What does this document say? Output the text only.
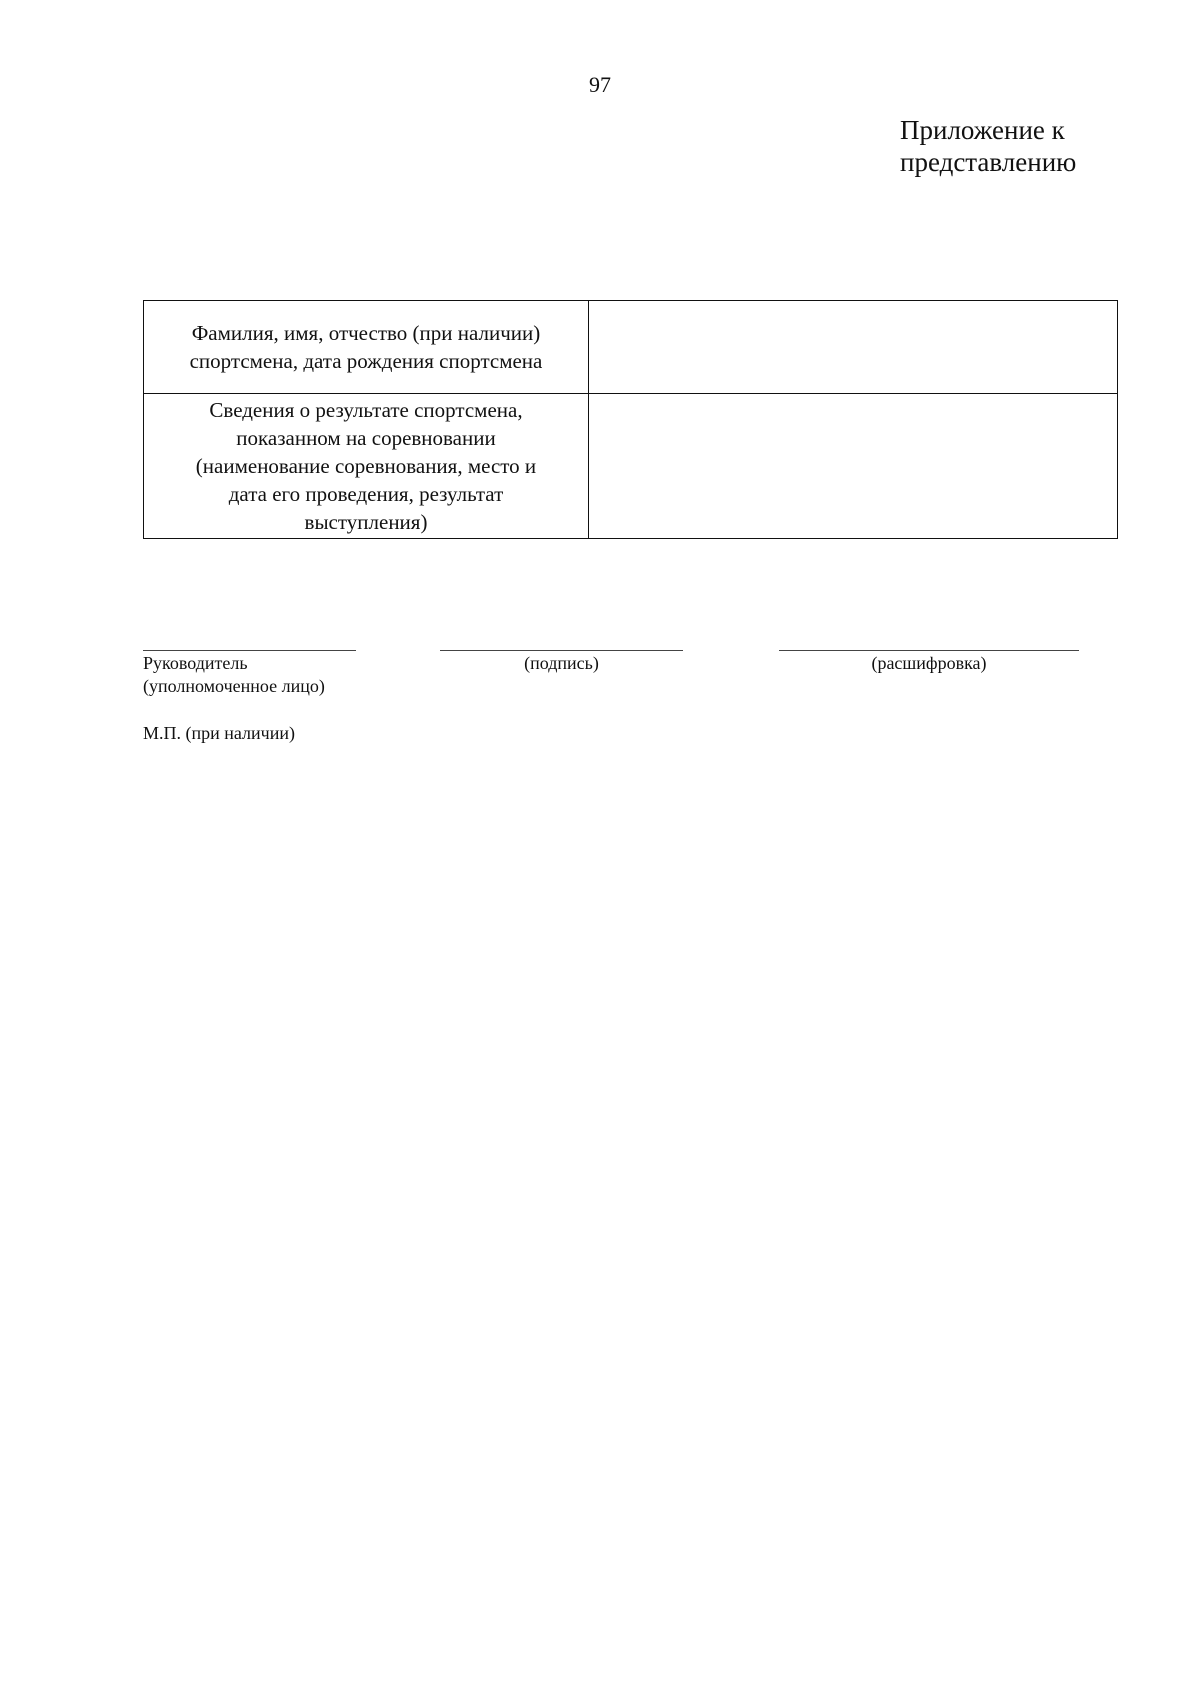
97
Приложение к
представлению
Фамилия, имя, отчество (при наличии)
спортсмена, дата рождения спортсмена	

Сведения о результате спортсмена,
показанном на соревновании
(наименование соревнования, место и
дата его проведения, результат
выступления)	

Руководитель
(уполномоченное лицо)
(подпись)	(расшифровка)
М.П. (при наличии)
